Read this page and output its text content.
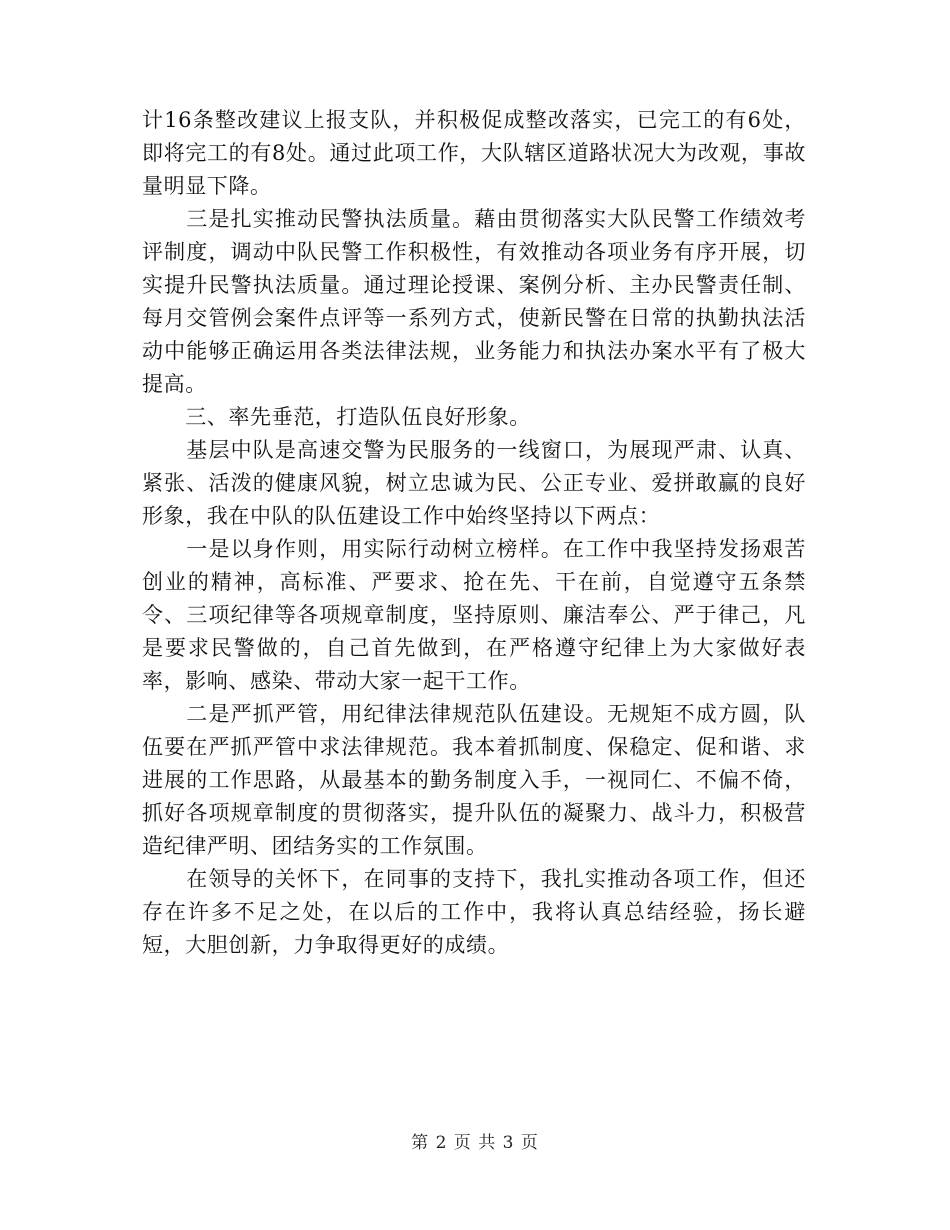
计16条整改建议上报支队，并积极促成整改落实，已完工的有6处，即将完工的有8处。通过此项工作，大队辖区道路状况大为改观，事故量明显下降。

　　三是扎实推动民警执法质量。藉由贯彻落实大队民警工作绩效考评制度，调动中队民警工作积极性，有效推动各项业务有序开展，切实提升民警执法质量。通过理论授课、案例分析、主办民警责任制、每月交管例会案件点评等一系列方式，使新民警在日常的执勤执法活动中能够正确运用各类法律法规，业务能力和执法办案水平有了极大提高。

　　三、率先垂范，打造队伍良好形象。

　　基层中队是高速交警为民服务的一线窗口，为展现严肃、认真、紧张、活泼的健康风貌，树立忠诚为民、公正专业、爱拼敢赢的良好形象，我在中队的队伍建设工作中始终坚持以下两点：

　　一是以身作则，用实际行动树立榜样。在工作中我坚持发扬艰苦创业的精神，高标准、严要求、抢在先、干在前，自觉遵守五条禁令、三项纪律等各项规章制度，坚持原则、廉洁奉公、严于律己，凡是要求民警做的，自己首先做到，在严格遵守纪律上为大家做好表率，影响、感染、带动大家一起干工作。

　　二是严抓严管，用纪律法律规范队伍建设。无规矩不成方圆，队伍要在严抓严管中求法律规范。我本着抓制度、保稳定、促和谐、求进展的工作思路，从最基本的勤务制度入手，一视同仁、不偏不倚，抓好各项规章制度的贯彻落实，提升队伍的凝聚力、战斗力，积极营造纪律严明、团结务实的工作氛围。

　　在领导的关怀下，在同事的支持下，我扎实推动各项工作，但还存在许多不足之处，在以后的工作中，我将认真总结经验，扬长避短，大胆创新，力争取得更好的成绩。

第 2 页 共 3 页
